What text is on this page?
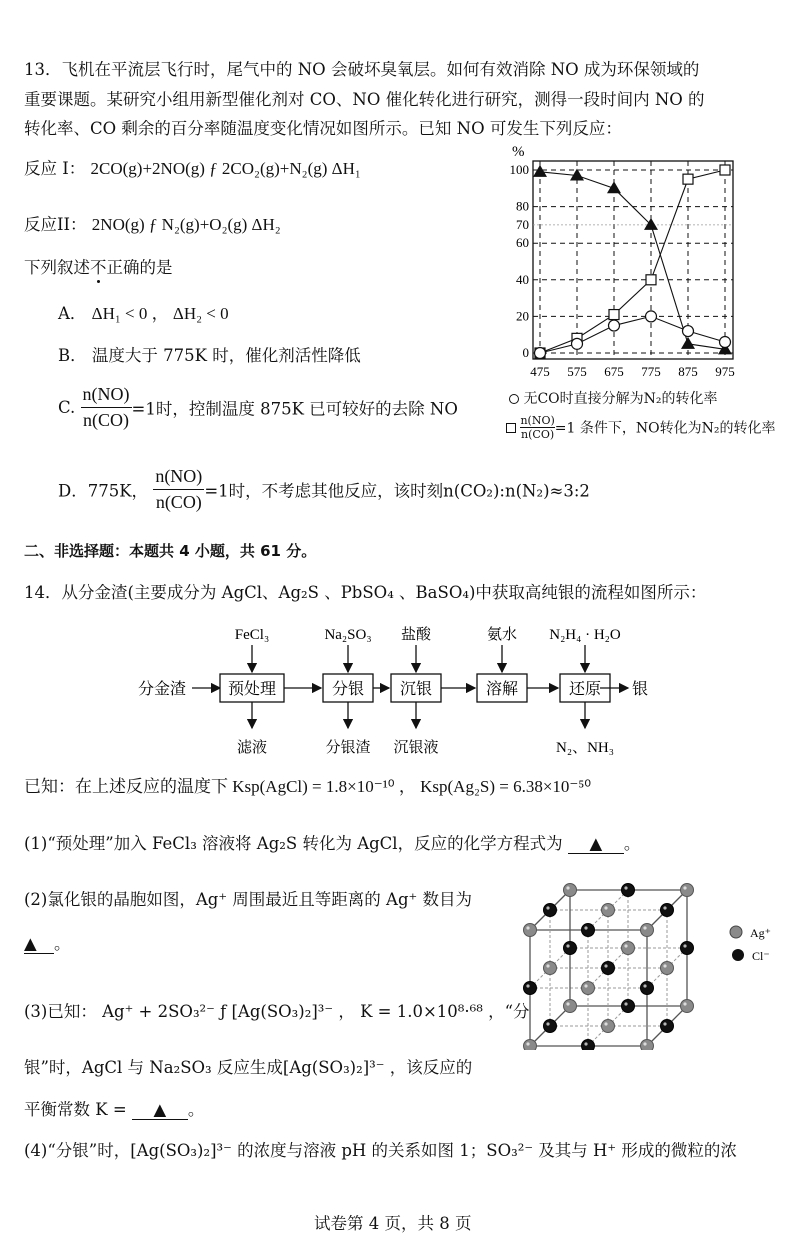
13．飞机在平流层飞行时，尾气中的 NO 会破坏臭氧层。如何有效消除 NO 成为环保领域的
重要课题。某研究小组用新型催化剂对 CO、NO 催化转化进行研究，测得一段时间内 NO 的
转化率、CO 剩余的百分率随温度变化情况如图所示。已知 NO 可发生下列反应：
反应 I： 2CO(g)+2NO(g) ƒ 2CO₂(g)+N₂(g) ΔH₁
反应II： 2NO(g) ƒ N₂(g)+O₂(g) ΔH₂
下列叙述不正确的是
A． ΔH₁ < 0 ， ΔH₂ < 0
B． 温度大于 775K 时，催化剂活性降低
C. $\frac{n(NO)}{n(CO)} =1$时，控制温度 875K 已可较好的去除 NO
D．775K， $\frac{n(NO)}{n(CO)} =1$时，不考虑其他反应，该时刻n(CO₂):n(N₂)≈3:2
%
0
20
40
60
70
80
100
475 575 675 775 875 975
无CO时直接分解为N₂的转化率

$\frac{n(NO)}{n(CO)} =1$ 条件下，NO转化为N₂的转化率
二、非选择题：本题共 4 小题，共 61 分。
14．从分金渣(主要成分为 AgCl、Ag₂S 、PbSO₄ 、BaSO₄)中获取高纯银的流程如图所示：
分金渣	预处理
FeCl₃
滤液
分银
Na₂SO₃
分银渣
沉银
盐酸
沉银液
溶解
氨水
还原
N₂H₄ · H₂O
N₂、NH₃
银
已知：在上述反应的温度下 Ksp(AgCl) = 1.8×10⁻¹⁰ ， Ksp(Ag₂S) = 6.38×10⁻⁵⁰
(1)“预处理”加入 FeCl₃ 溶液将 Ag₂S 转化为 AgCl，反应的化学方程式为 ▲ 。
(2)氯化银的晶胞如图，Ag⁺ 周围最近且等距离的 Ag⁺ 数目为
▲ 。
(3)已知： Ag⁺ + 2SO₃²⁻ ƒ [Ag(SO₃)₂]³⁻ ， K = 1.0×10⁸·⁶⁸ ，“分
银”时，AgCl 与 Na₂SO₃ 反应生成[Ag(SO₃)₂]³⁻ ，该反应的
平衡常数 K = ▲ 。
(4)“分银”时，[Ag(SO₃)₂]³⁻ 的浓度与溶液 pH 的关系如图 1；SO₃²⁻ 及其与 H⁺ 形成的微粒的浓
Ag⁺
Cl⁻
试卷第 4 页，共 8 页
